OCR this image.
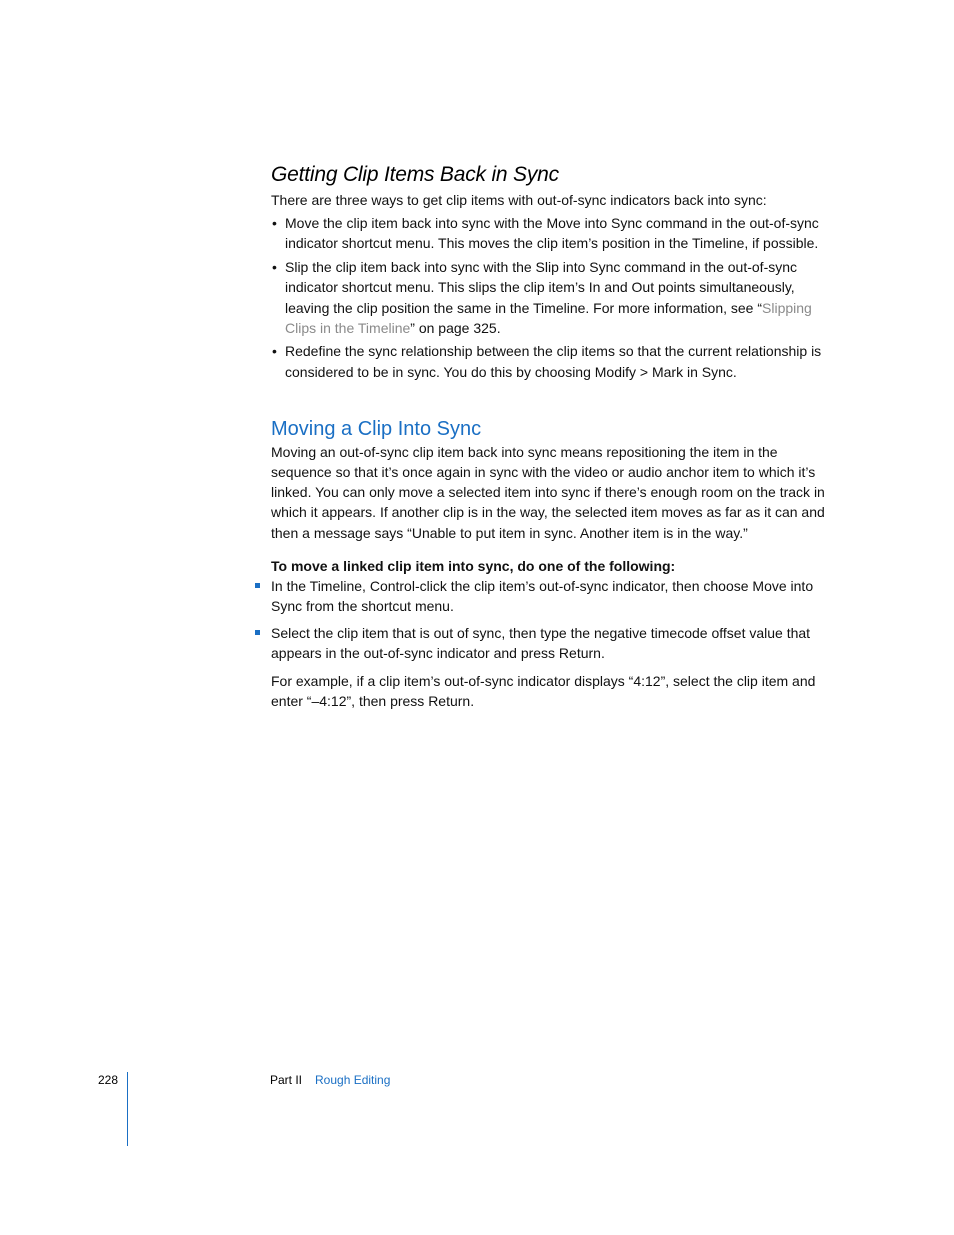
Getting Clip Items Back in Sync

There are three ways to get clip items with out-of-sync indicators back into sync:

• Move the clip item back into sync with the Move into Sync command in the out-of-sync indicator shortcut menu. This moves the clip item’s position in the Timeline, if possible.
• Slip the clip item back into sync with the Slip into Sync command in the out-of-sync indicator shortcut menu. This slips the clip item’s In and Out points simultaneously, leaving the clip position the same in the Timeline. For more information, see “Slipping Clips in the Timeline” on page 325.
• Redefine the sync relationship between the clip items so that the current relationship is considered to be in sync. You do this by choosing Modify > Mark in Sync.
Moving a Clip Into Sync

Moving an out-of-sync clip item back into sync means repositioning the item in the sequence so that it’s once again in sync with the video or audio anchor item to which it’s linked. You can only move a selected item into sync if there’s enough room on the track in which it appears. If another clip is in the way, the selected item moves as far as it can and then a message says “Unable to put item in sync. Another item is in the way.”

To move a linked clip item into sync, do one of the following:

In the Timeline, Control-click the clip item’s out-of-sync indicator, then choose Move into Sync from the shortcut menu.
Select the clip item that is out of sync, then type the negative timecode offset value that appears in the out-of-sync indicator and press Return.

For example, if a clip item’s out-of-sync indicator displays “4:12”, select the clip item and enter “–4:12”, then press Return.

228	Part II Rough Editing
